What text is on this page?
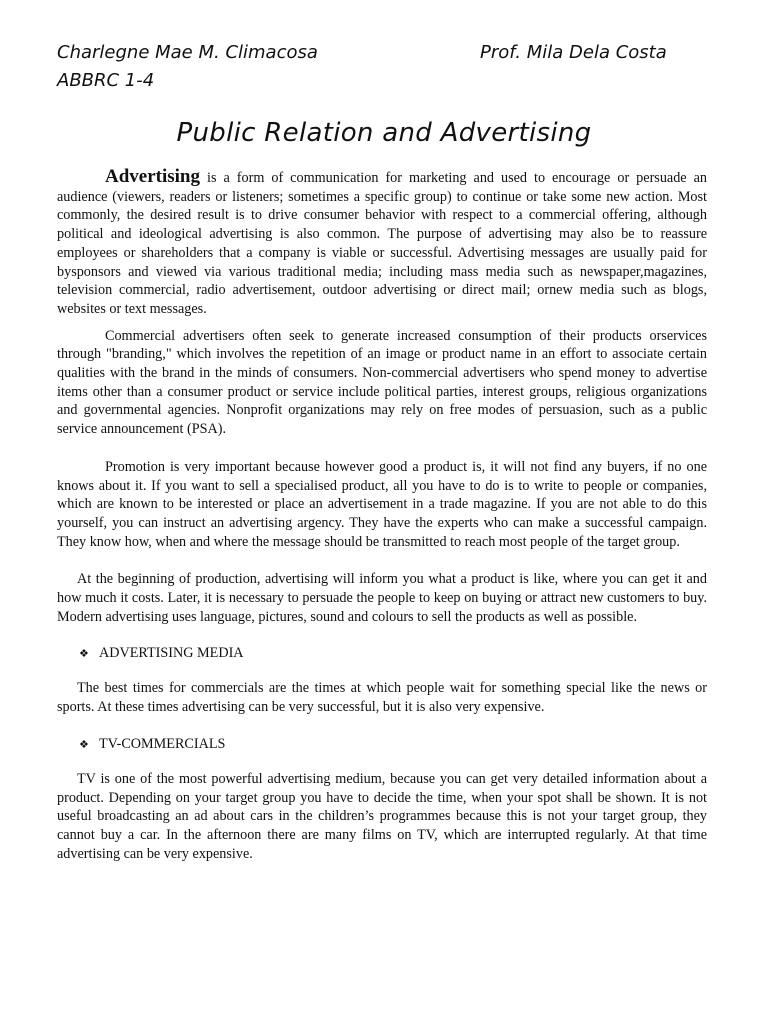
Charlegne Mae M. Climacosa
ABBRC 1-4
Prof. Mila Dela Costa
Public Relation and Advertising

Advertising is a form of communication for marketing and used to encourage or persuade an audience (viewers, readers or listeners; sometimes a specific group) to continue or take some new action. Most commonly, the desired result is to drive consumer behavior with respect to a commercial offering, although political and ideological advertising is also common. The purpose of advertising may also be to reassure employees or shareholders that a company is viable or successful. Advertising messages are usually paid for bysponsors and viewed via various traditional media; including mass media such as newspaper,magazines, television commercial, radio advertisement, outdoor advertising or direct mail; ornew media such as blogs, websites or text messages.

Commercial advertisers often seek to generate increased consumption of their products orservices through "branding," which involves the repetition of an image or product name in an effort to associate certain qualities with the brand in the minds of consumers. Non-commercial advertisers who spend money to advertise items other than a consumer product or service include political parties, interest groups, religious organizations and governmental agencies. Nonprofit organizations may rely on free modes of persuasion, such as a public service announcement (PSA).

Promotion is very important because however good a product is, it will not find any buyers, if no one knows about it. If you want to sell a specialised product, all you have to do is to write to people or companies, which are known to be interested or place an advertisement in a trade magazine. If you are not able to do this yourself, you can instruct an advertising argency. They have the experts who can make a successful campaign. They know how, when and where the message should be transmitted to reach most people of the target group.

At the beginning of production, advertising will inform you what a product is like, where you can get it and how much it costs. Later, it is necessary to persuade the people to keep on buying or attract new customers to buy. Modern advertising uses language, pictures, sound and colours to sell the products as well as possible.

❖ ADVERTISING MEDIA

The best times for commercials are the times at which people wait for something special like the news or sports. At these times advertising can be very successful, but it is also very expensive.

❖ TV-COMMERCIALS

TV is one of the most powerful advertising medium, because you can get very detailed information about a product. Depending on your target group you have to decide the time, when your spot shall be shown. It is not useful broadcasting an ad about cars in the children’s programmes because this is not your target group, they cannot buy a car. In the afternoon there are many films on TV, which are interrupted regularly. At that time advertising can be very expensive.
